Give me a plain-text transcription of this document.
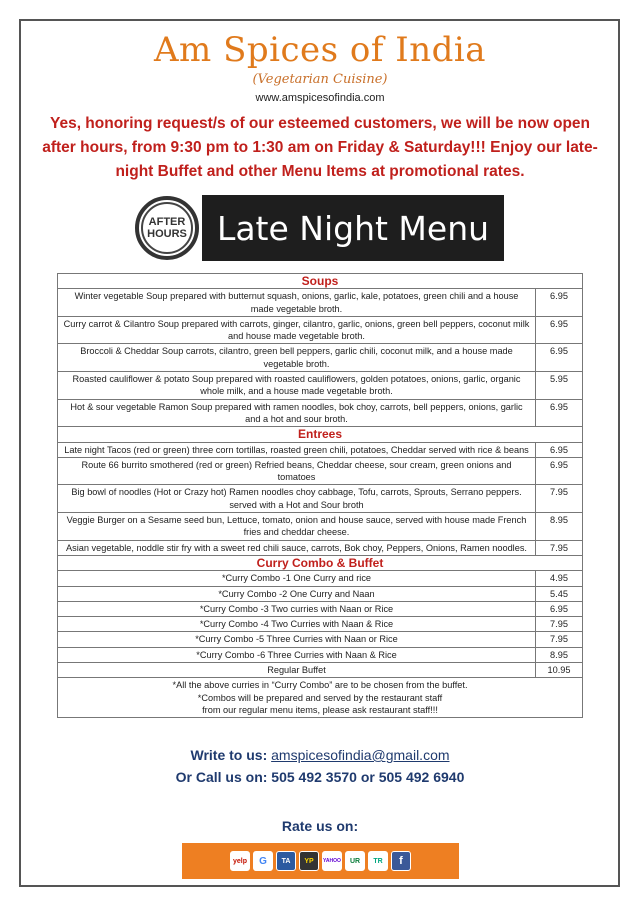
Am Spices of India
(Vegetarian Cuisine)
www.amspicesofindia.com
Yes, honoring request/s of our esteemed customers, we will be now open after hours, from 9:30 pm to 1:30 am on Friday & Saturday!!! Enjoy our late-night Buffet and other Menu Items at promotional rates.
AFTER
HOURS Late Night Menu
Soups	
Winter vegetable Soup prepared with butternut squash, onions, garlic, kale, potatoes, green chili and a house made vegetable broth.	6.95
Curry carrot & Cilantro Soup prepared with carrots, ginger, cilantro, garlic, onions, green bell peppers, coconut milk and house made vegetable broth.	6.95
Broccoli & Cheddar Soup carrots, cilantro, green bell peppers, garlic chili, coconut milk, and a house made vegetable broth.	6.95
Roasted cauliflower & potato Soup prepared with roasted cauliflowers, golden potatoes, onions, garlic, organic whole milk, and a house made vegetable broth.	5.95
Hot & sour vegetable Ramon Soup prepared with ramen noodles, bok choy, carrots, bell peppers, onions, garlic and a hot and sour broth.	6.95
Entrees	
Late night Tacos (red or green) three corn tortillas, roasted green chili, potatoes, Cheddar served with rice & beans	6.95
Route 66 burrito smothered (red or green) Refried beans, Cheddar cheese, sour cream, green onions and tomatoes	6.95
Big bowl of noodles (Hot or Crazy hot) Ramen noodles choy cabbage, Tofu, carrots, Sprouts, Serrano peppers. served with a Hot and Sour broth	7.95
Veggie Burger on a Sesame seed bun, Lettuce, tomato, onion and house sauce, served with house made French fries and cheddar cheese.	8.95
Asian vegetable, noddle stir fry with a sweet red chili sauce, carrots, Bok choy, Peppers, Onions, Ramen noodles.	7.95
Curry Combo & Buffet	
*Curry Combo -1 One Curry and rice	4.95
*Curry Combo -2 One Curry and Naan	5.45
*Curry Combo -3 Two curries with Naan or Rice	6.95
*Curry Combo -4 Two Curries with Naan & Rice	7.95
*Curry Combo -5 Three Curries with Naan or Rice	7.95
*Curry Combo -6 Three Curries with Naan & Rice	8.95
Regular Buffet	10.95

*All the above curries in “Curry Combo” are to be chosen from the buffet.
*Combos will be prepared and served by the restaurant staff
from our regular menu items, please ask restaurant staff!!!	
Write to us: amspicesofindia@gmail.com
Or Call us on: 505 492 3570 or 505 492 6940
Rate us on:
yelp	G	TA	YP	YAHOO	UR	TR	f
